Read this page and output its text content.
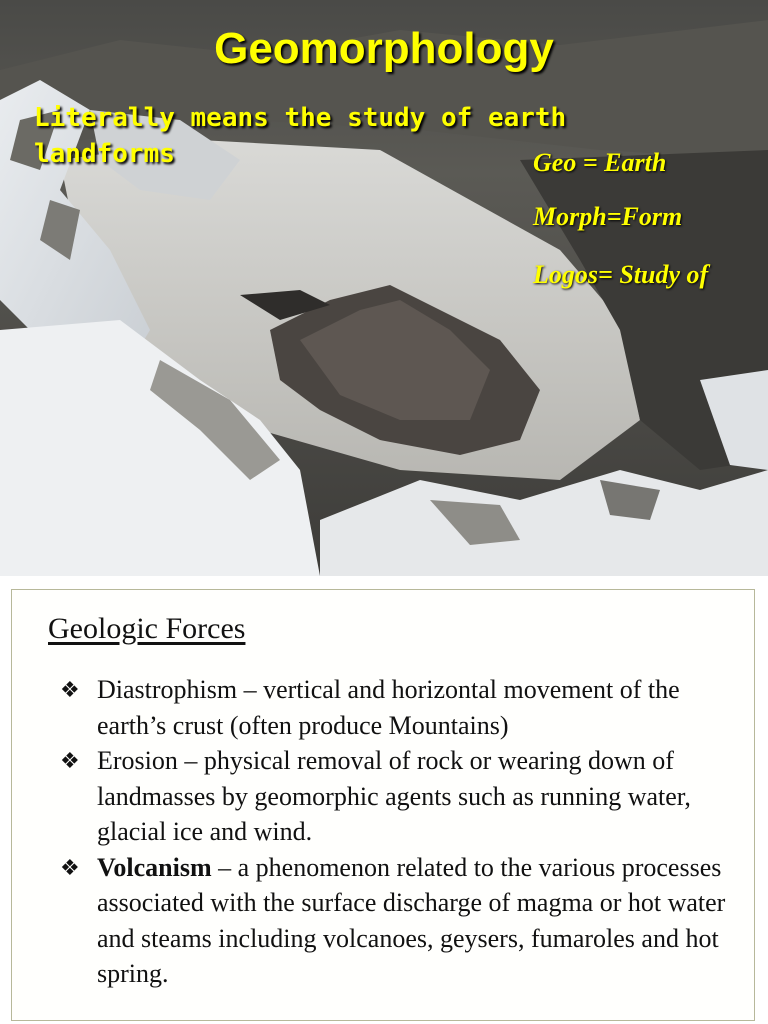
Geomorphology
Literally means the study of earth landforms	Geo = Earth
Morph=Form
Logos= Study of
Geologic Forces
❖ Diastrophism – vertical and horizontal movement of the earth’s crust (often produce Mountains)
❖ Erosion – physical removal of rock or wearing down of landmasses by geomorphic agents such as running water, glacial ice and wind.
❖ Volcanism – a phenomenon related to the various processes associated with the surface discharge of magma or hot water and steams including volcanoes, geysers, fumaroles and hot spring.
